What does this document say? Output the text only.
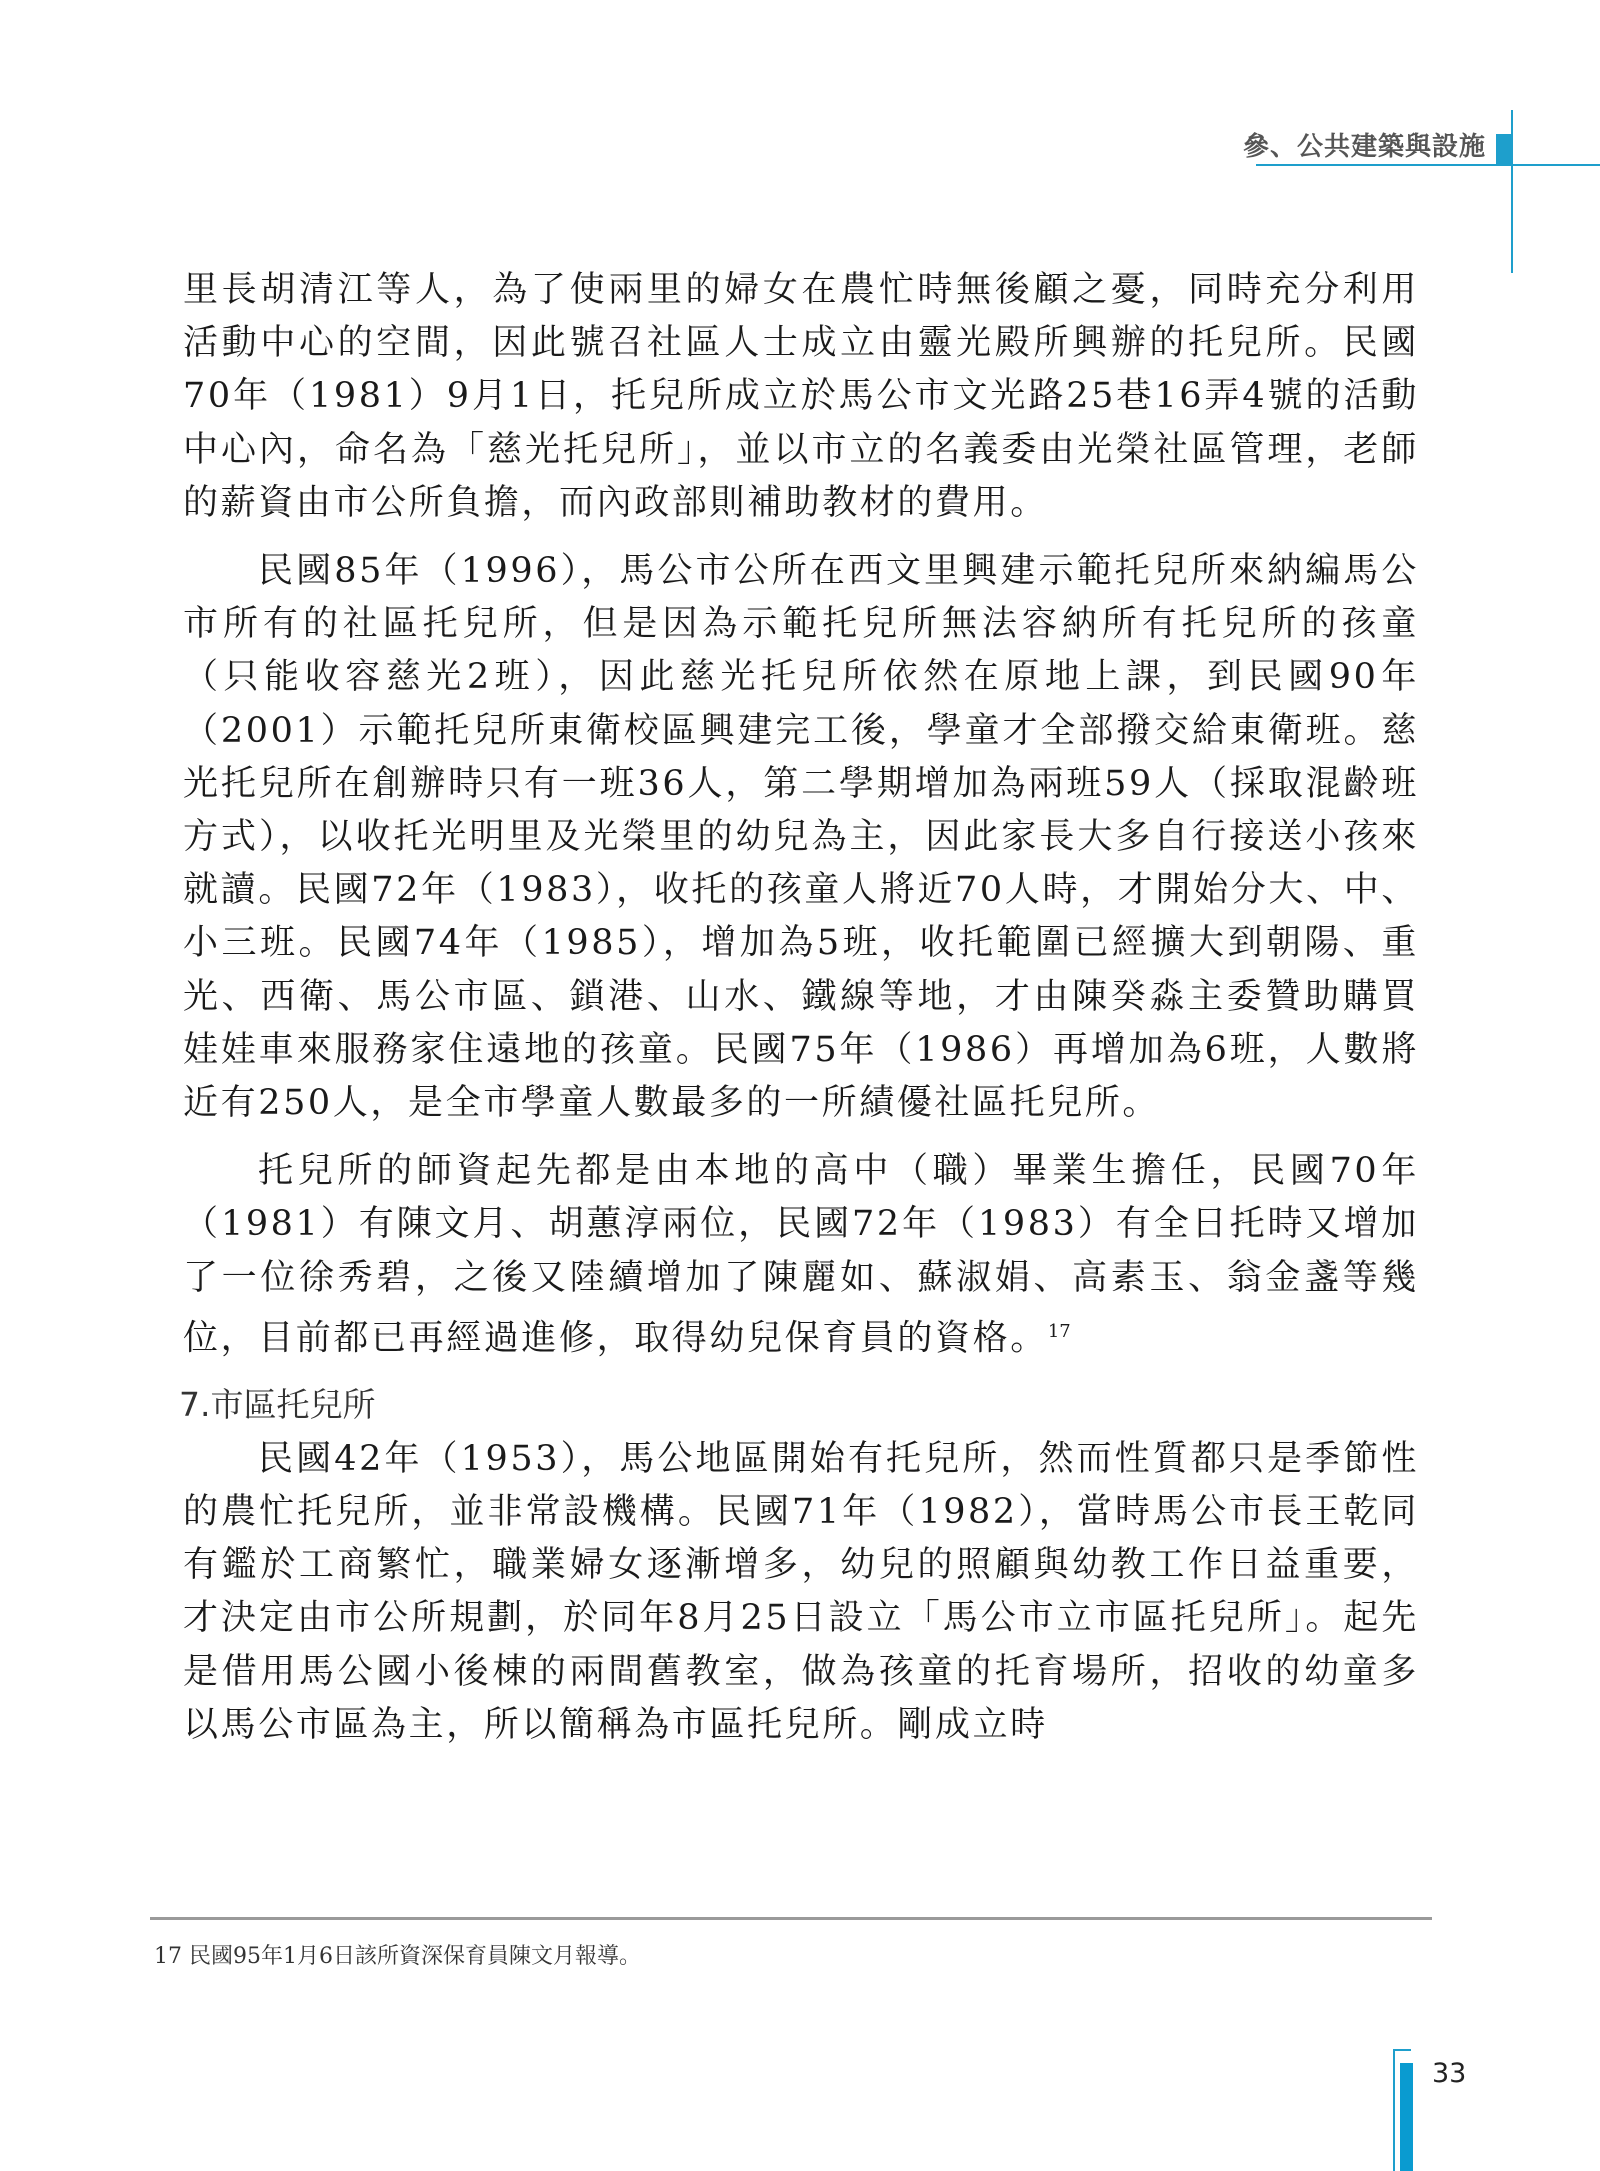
參、公共建築與設施

里長胡清江等人，為了使兩里的婦女在農忙時無後顧之憂，同時充分利用活動中心的空間，因此號召社區人士成立由靈光殿所興辦的托兒所。民國70年（1981）9月1日，托兒所成立於馬公市文光路25巷16弄4號的活動中心內，命名為「慈光托兒所」，並以市立的名義委由光榮社區管理，老師的薪資由市公所負擔，而內政部則補助教材的費用。

民國85年（1996），馬公市公所在西文里興建示範托兒所來納編馬公市所有的社區托兒所，但是因為示範托兒所無法容納所有托兒所的孩童（只能收容慈光2班），因此慈光托兒所依然在原地上課，到民國90年（2001）示範托兒所東衛校區興建完工後，學童才全部撥交給東衛班。慈光托兒所在創辦時只有一班36人，第二學期增加為兩班59人（採取混齡班方式），以收托光明里及光榮里的幼兒為主，因此家長大多自行接送小孩來就讀。民國72年（1983），收托的孩童人將近70人時，才開始分大、中、小三班。民國74年（1985），增加為5班，收托範圍已經擴大到朝陽、重光、西衛、馬公市區、鎖港、山水、鐵線等地，才由陳癸淼主委贊助購買娃娃車來服務家住遠地的孩童。民國75年（1986）再增加為6班，人數將近有250人，是全市學童人數最多的一所績優社區托兒所。

托兒所的師資起先都是由本地的高中（職）畢業生擔任，民國70年（1981）有陳文月、胡蕙淳兩位，民國72年（1983）有全日托時又增加了一位徐秀碧，之後又陸續增加了陳麗如、蘇淑娟、高素玉、翁金盞等幾位，目前都已再經過進修，取得幼兒保育員的資格。$^{17}$

7.市區托兒所

民國42年（1953），馬公地區開始有托兒所，然而性質都只是季節性的農忙托兒所，並非常設機構。民國71年（1982），當時馬公市長王乾同有鑑於工商繁忙，職業婦女逐漸增多，幼兒的照顧與幼教工作日益重要，才決定由市公所規劃，於同年8月25日設立「馬公市立市區托兒所」。起先是借用馬公國小後棟的兩間舊教室，做為孩童的托育場所，招收的幼童多以馬公市區為主，所以簡稱為市區托兒所。剛成立時

17 民國95年1月6日該所資深保育員陳文月報導。
33
